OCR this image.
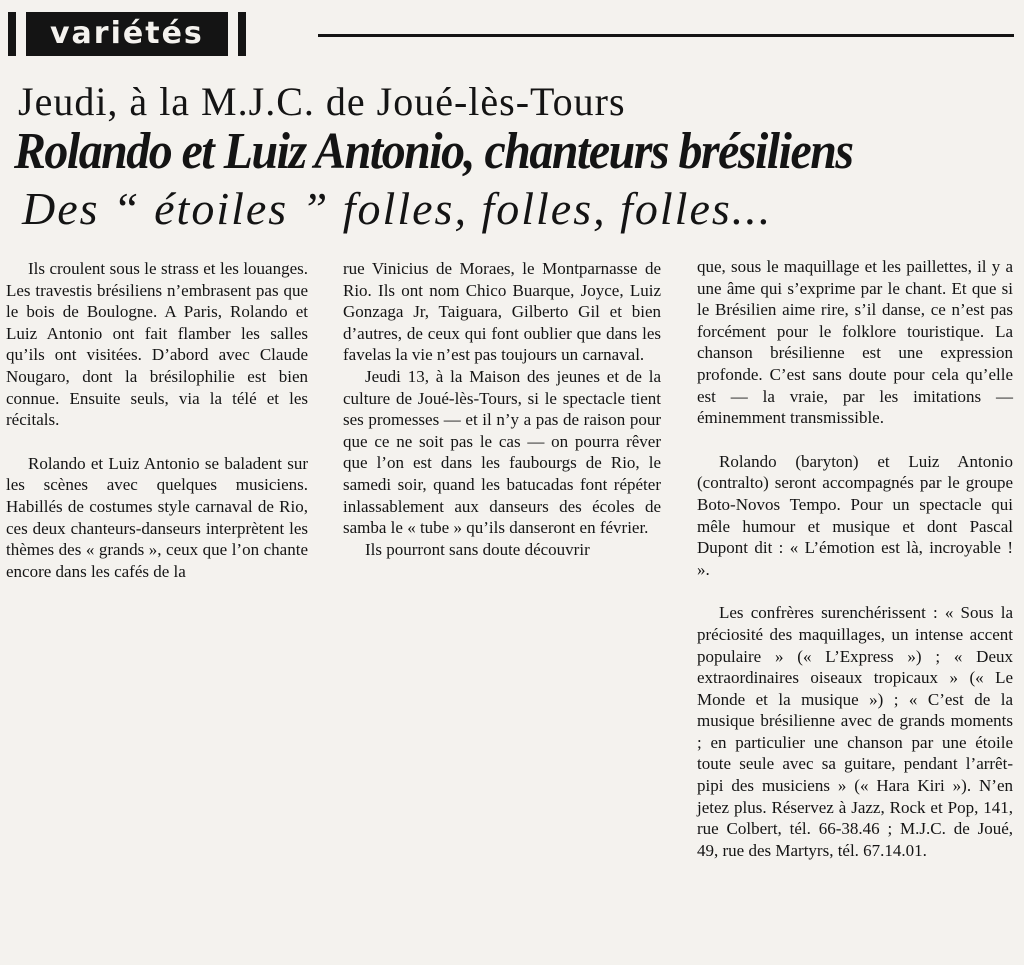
variétés
Jeudi, à la M.J.C. de Joué-lès-Tours
Rolando et Luiz Antonio, chanteurs brésiliens
Des “ étoiles ” folles, folles, folles...

Ils croulent sous le strass et les louanges. Les travestis brésiliens n’embrasent pas que le bois de Boulogne. A Paris, Rolando et Luiz Antonio ont fait flamber les salles qu’ils ont visitées. D’abord avec Claude Nougaro, dont la brésilophilie est bien connue. Ensuite seuls, via la télé et les récitals.

Rolando et Luiz Antonio se baladent sur les scènes avec quelques musiciens. Habillés de costumes style carnaval de Rio, ces deux chanteurs-danseurs interprètent les thèmes des « grands », ceux que l’on chante encore dans les cafés de la

rue Vinicius de Moraes, le Montparnasse de Rio. Ils ont nom Chico Buarque, Joyce, Luiz Gonzaga Jr, Taiguara, Gilberto Gil et bien d’autres, de ceux qui font oublier que dans les favelas la vie n’est pas toujours un carnaval.

Jeudi 13, à la Maison des jeunes et de la culture de Joué-lès-Tours, si le spectacle tient ses promesses — et il n’y a pas de raison pour que ce ne soit pas le cas — on pourra rêver que l’on est dans les faubourgs de Rio, le samedi soir, quand les batucadas font répéter inlassablement aux danseurs des écoles de samba le « tube » qu’ils danseront en février.

Ils pourront sans doute découvrir

que, sous le maquillage et les paillettes, il y a une âme qui s’exprime par le chant. Et que si le Brésilien aime rire, s’il danse, ce n’est pas forcément pour le folklore touristique. La chanson brésilienne est une expression profonde. C’est sans doute pour cela qu’elle est — la vraie, par les imitations — éminemment transmissible.

Rolando (baryton) et Luiz Antonio (contralto) seront accompagnés par le groupe Boto-Novos Tempo. Pour un spectacle qui mêle humour et musique et dont Pascal Dupont dit : « L’émotion est là, incroyable ! ».

Les confrères surenchérissent : « Sous la préciosité des maquillages, un intense accent populaire » (« L’Express ») ; « Deux extraordinaires oiseaux tropicaux » (« Le Monde et la musique ») ; « C’est de la musique brésilienne avec de grands moments ; en particulier une chanson par une étoile toute seule avec sa guitare, pendant l’arrêt-pipi des musiciens » (« Hara Kiri »). N’en jetez plus. Réservez à Jazz, Rock et Pop, 141, rue Colbert, tél. 66-38.46 ; M.J.C. de Joué, 49, rue des Martyrs, tél. 67.14.01.
